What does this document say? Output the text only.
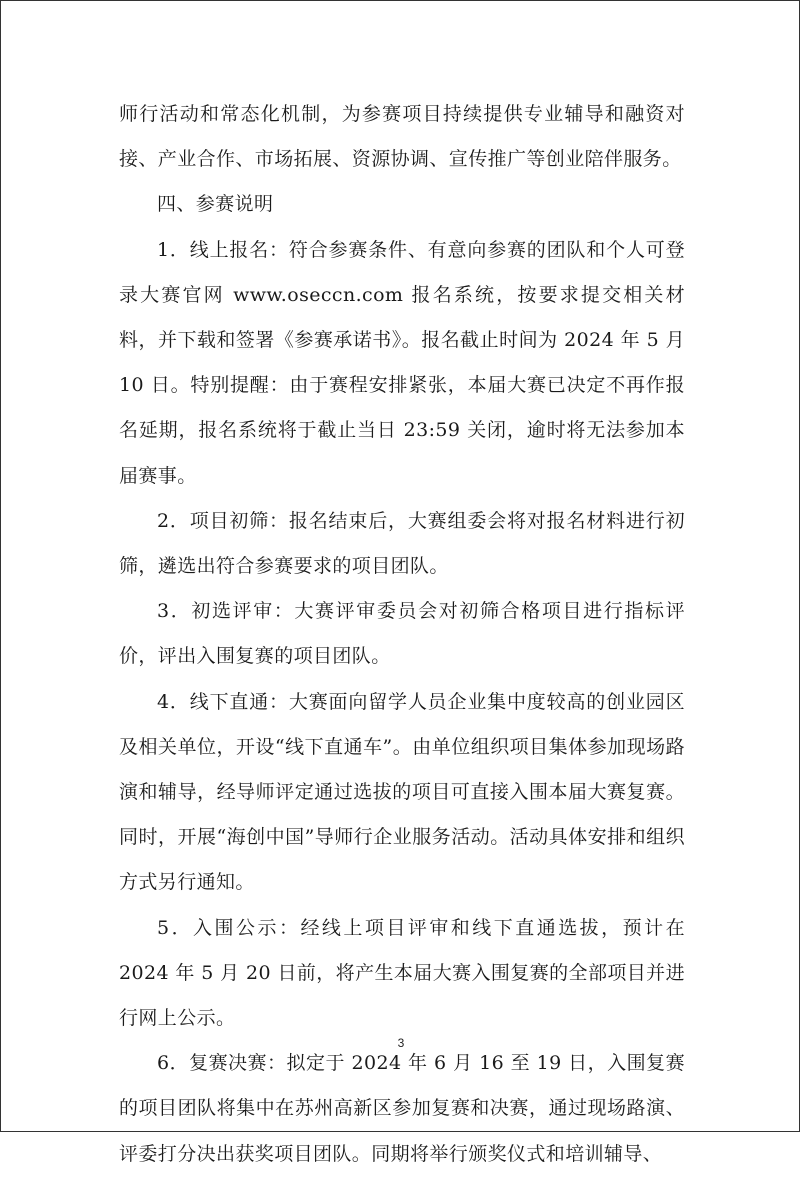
师行活动和常态化机制，为参赛项目持续提供专业辅导和融资对接、产业合作、市场拓展、资源协调、宣传推广等创业陪伴服务。

四、参赛说明

1．线上报名：符合参赛条件、有意向参赛的团队和个人可登录大赛官网 www.oseccn.com 报名系统，按要求提交相关材料，并下载和签署《参赛承诺书》。报名截止时间为 2024 年 5 月 10 日。特别提醒：由于赛程安排紧张，本届大赛已决定不再作报名延期，报名系统将于截止当日 23:59 关闭，逾时将无法参加本届赛事。

2．项目初筛：报名结束后，大赛组委会将对报名材料进行初筛，遴选出符合参赛要求的项目团队。

3．初选评审：大赛评审委员会对初筛合格项目进行指标评价，评出入围复赛的项目团队。

4．线下直通：大赛面向留学人员企业集中度较高的创业园区及相关单位，开设“线下直通车”。由单位组织项目集体参加现场路演和辅导，经导师评定通过选拔的项目可直接入围本届大赛复赛。同时，开展“海创中国”导师行企业服务活动。活动具体安排和组织方式另行通知。

5．入围公示：经线上项目评审和线下直通选拔，预计在 2024 年 5 月 20 日前，将产生本届大赛入围复赛的全部项目并进行网上公示。

6．复赛决赛：拟定于 2024 年 6 月 16 至 19 日，入围复赛的项目团队将集中在苏州高新区参加复赛和决赛，通过现场路演、评委打分决出获奖项目团队。同期将举行颁奖仪式和培训辅导、

3
